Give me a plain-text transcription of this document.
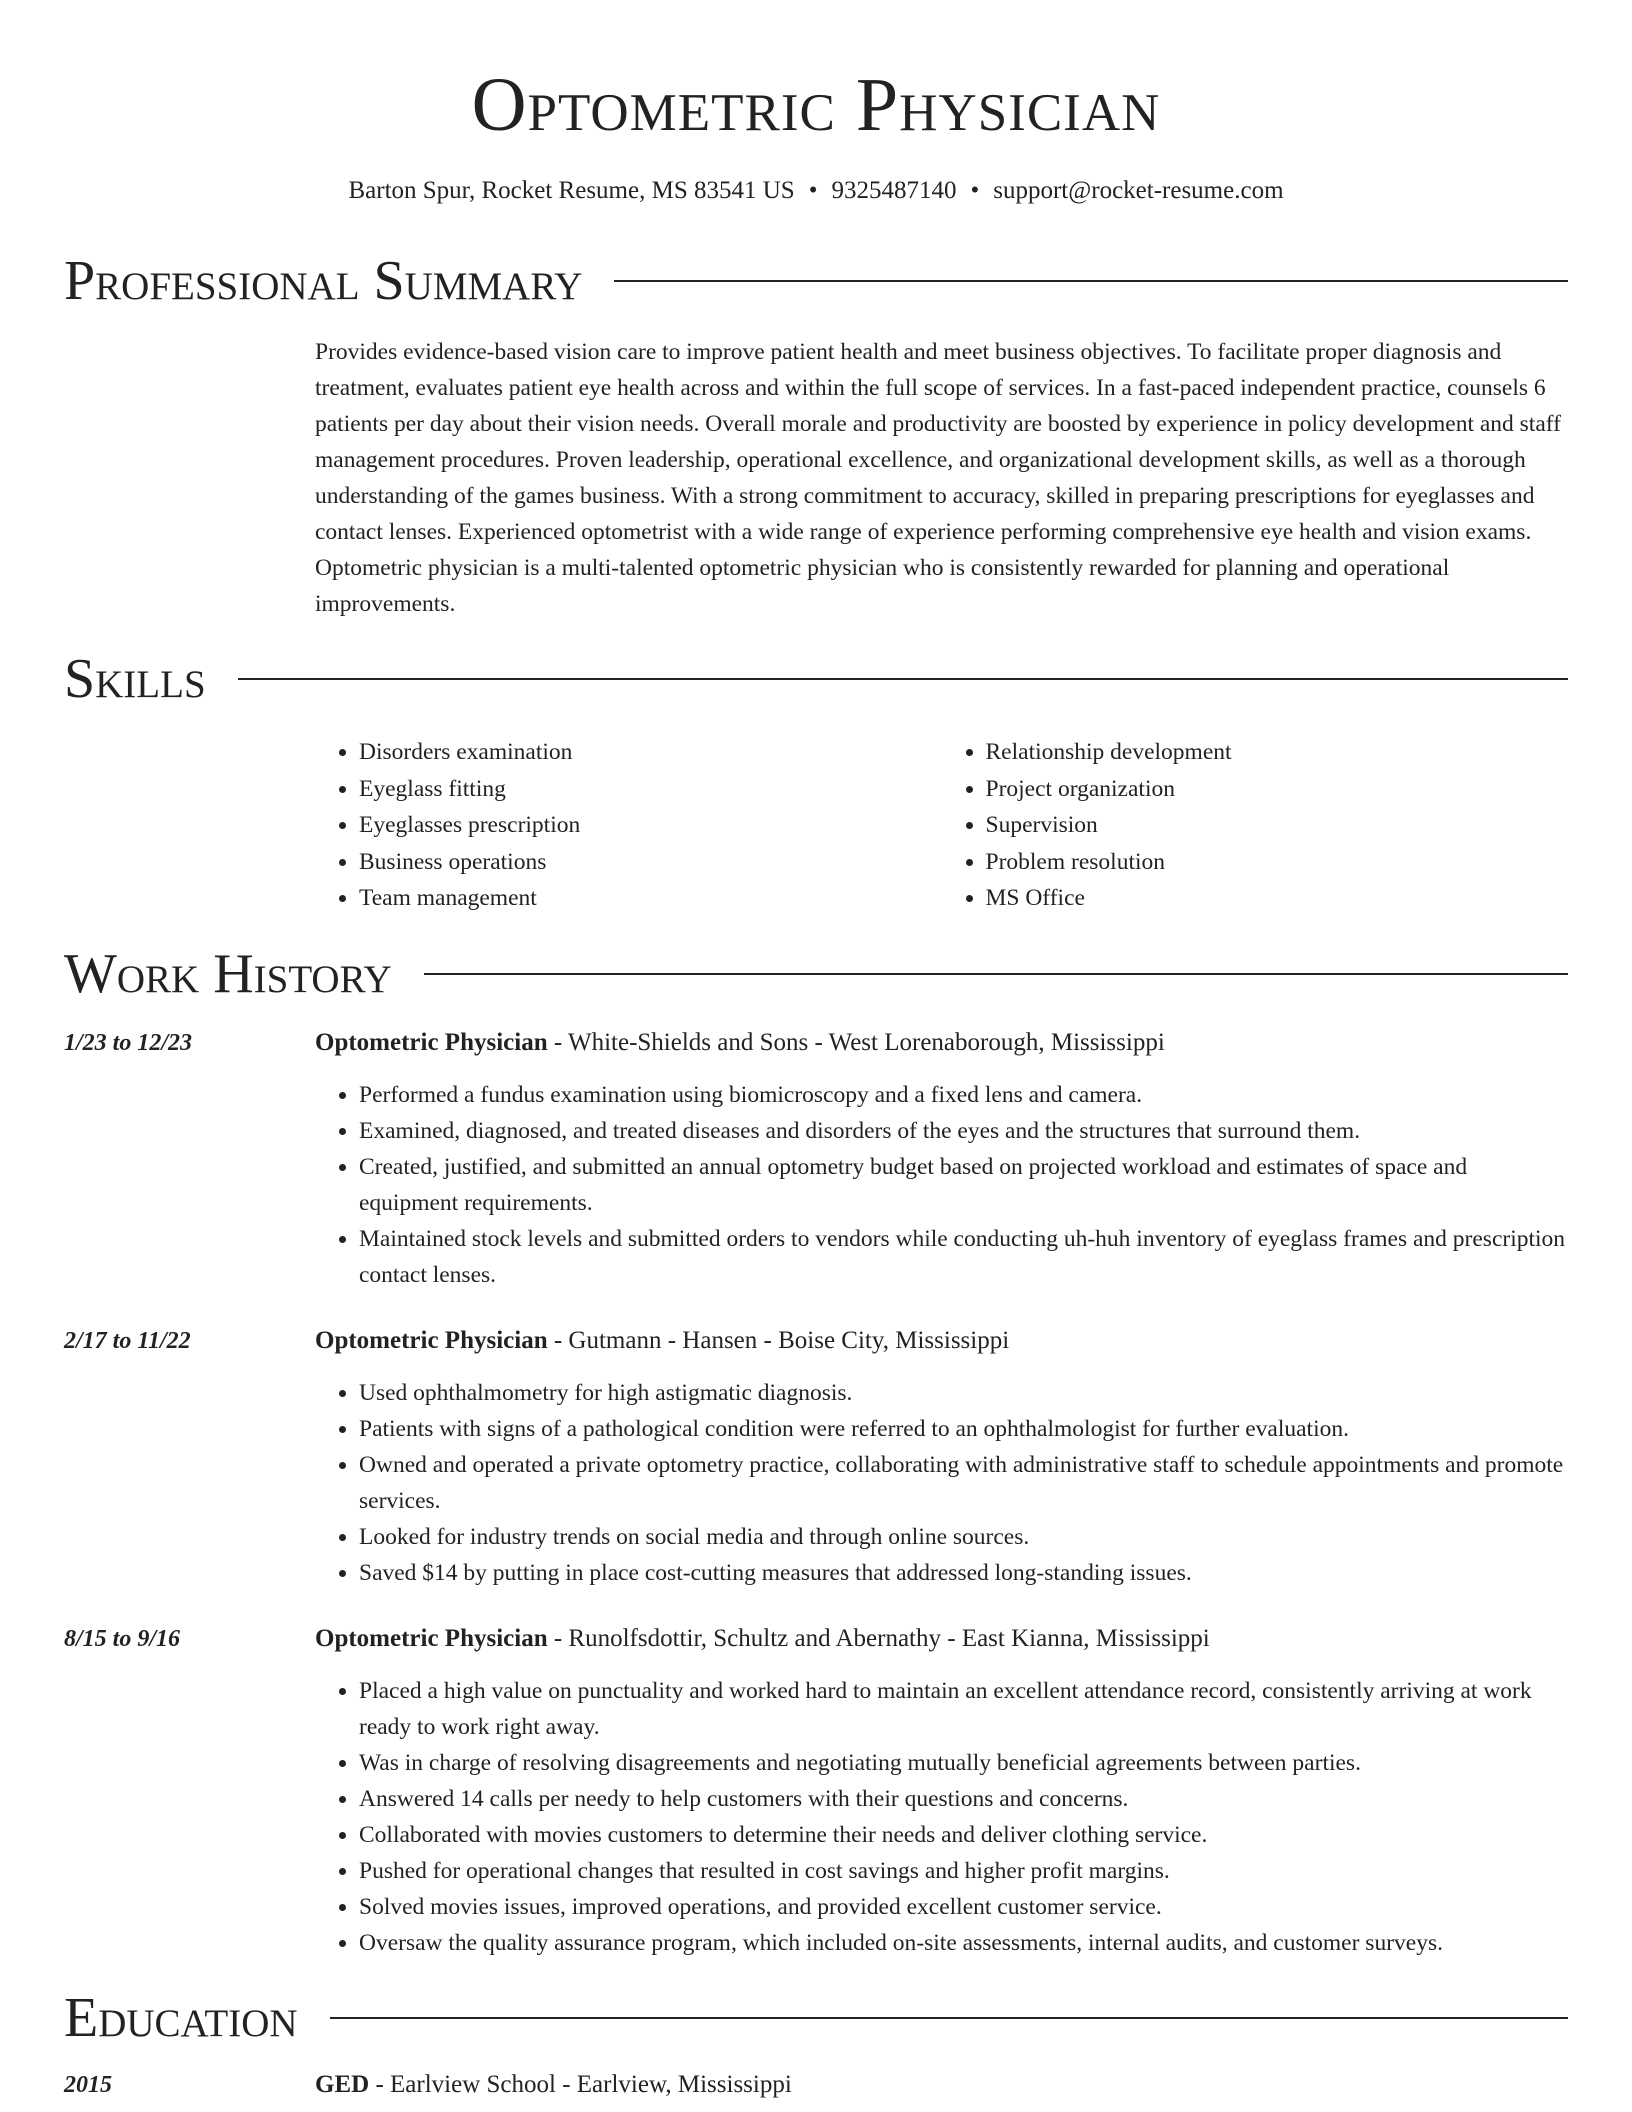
Optometric Physician
Barton Spur, Rocket Resume, MS 83541 US • 9325487140 • support@rocket-resume.com
Professional Summary
Provides evidence-based vision care to improve patient health and meet business objectives. To facilitate proper diagnosis and treatment, evaluates patient eye health across and within the full scope of services. In a fast-paced independent practice, counsels 6 patients per day about their vision needs. Overall morale and productivity are boosted by experience in policy development and staff management procedures. Proven leadership, operational excellence, and organizational development skills, as well as a thorough understanding of the games business. With a strong commitment to accuracy, skilled in preparing prescriptions for eyeglasses and contact lenses. Experienced optometrist with a wide range of experience performing comprehensive eye health and vision exams. Optometric physician is a multi-talented optometric physician who is consistently rewarded for planning and operational improvements.
Skills
• Disorders examination
• Eyeglass fitting
• Eyeglasses prescription
• Business operations
• Team management
• Relationship development
• Project organization
• Supervision
• Problem resolution
• MS Office
Work History
1/23 to 12/23	Optometric Physician - White-Shields and Sons - West Lorenaborough, Mississippi
• Performed a fundus examination using biomicroscopy and a fixed lens and camera.
• Examined, diagnosed, and treated diseases and disorders of the eyes and the structures that surround them.
• Created, justified, and submitted an annual optometry budget based on projected workload and estimates of space and equipment requirements.
• Maintained stock levels and submitted orders to vendors while conducting uh-huh inventory of eyeglass frames and prescription contact lenses.
2/17 to 11/22	Optometric Physician - Gutmann - Hansen - Boise City, Mississippi
• Used ophthalmometry for high astigmatic diagnosis.
• Patients with signs of a pathological condition were referred to an ophthalmologist for further evaluation.
• Owned and operated a private optometry practice, collaborating with administrative staff to schedule appointments and promote services.
• Looked for industry trends on social media and through online sources.
• Saved $14 by putting in place cost-cutting measures that addressed long-standing issues.
8/15 to 9/16	Optometric Physician - Runolfsdottir, Schultz and Abernathy - East Kianna, Mississippi
• Placed a high value on punctuality and worked hard to maintain an excellent attendance record, consistently arriving at work ready to work right away.
• Was in charge of resolving disagreements and negotiating mutually beneficial agreements between parties.
• Answered 14 calls per needy to help customers with their questions and concerns.
• Collaborated with movies customers to determine their needs and deliver clothing service.
• Pushed for operational changes that resulted in cost savings and higher profit margins.
• Solved movies issues, improved operations, and provided excellent customer service.
• Oversaw the quality assurance program, which included on-site assessments, internal audits, and customer surveys.
Education
2015	GED - Earlview School - Earlview, Mississippi
